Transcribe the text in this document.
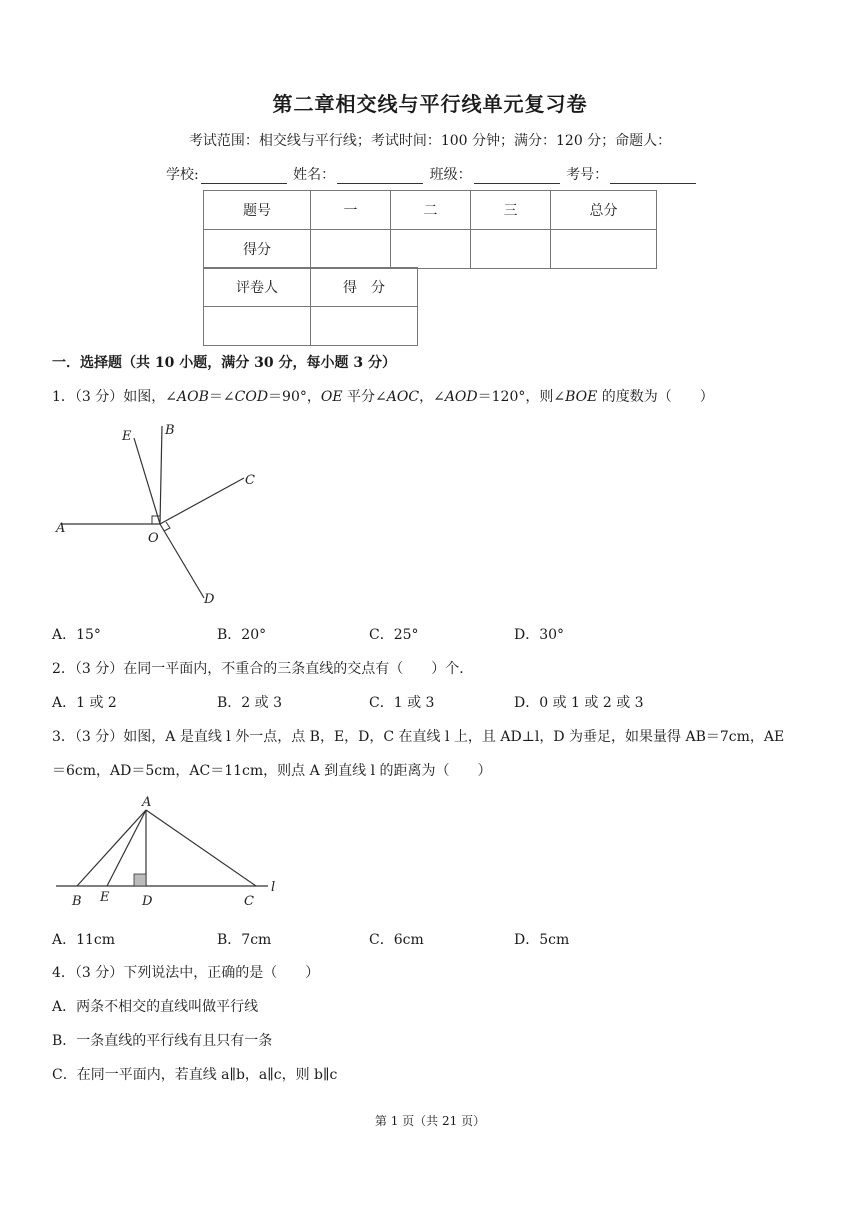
第二章相交线与平行线单元复习卷
考试范围：相交线与平行线；考试时间：100 分钟；满分：120 分；命题人：
学校:	姓名：	班级：	考号：
题号	一	二	三	总分
得分				
评卷人	得　分

一．选择题（共 10 小题，满分 30 分，每小题 3 分）
1．（3 分）如图，∠AOB＝∠COD＝90°，OE 平分∠AOC，∠AOD＝120°，则∠BOE 的度数为（　　）
E	B
C
A
O
D
A．15°	B．20°	C．25°	D．30°
2．（3 分）在同一平面内，不重合的三条直线的交点有（　　）个．
A．1 或 2	B．2 或 3	C．1 或 3	D．0 或 1 或 2 或 3
3．（3 分）如图，A 是直线 l 外一点，点 B，E，D，C 在直线 l 上，且 AD⊥l，D 为垂足，如果量得 AB＝7cm，AE
＝6cm，AD＝5cm，AC＝11cm，则点 A 到直线 l 的距离为（　　）
A
B E	D	C
l
A．11cm	B．7cm	C．6cm	D．5cm
4．（3 分）下列说法中，正确的是（　　）
A．两条不相交的直线叫做平行线
B．一条直线的平行线有且只有一条
C．在同一平面内，若直线 a∥b，a∥c，则 b∥c
第 1 页（共 21 页）
